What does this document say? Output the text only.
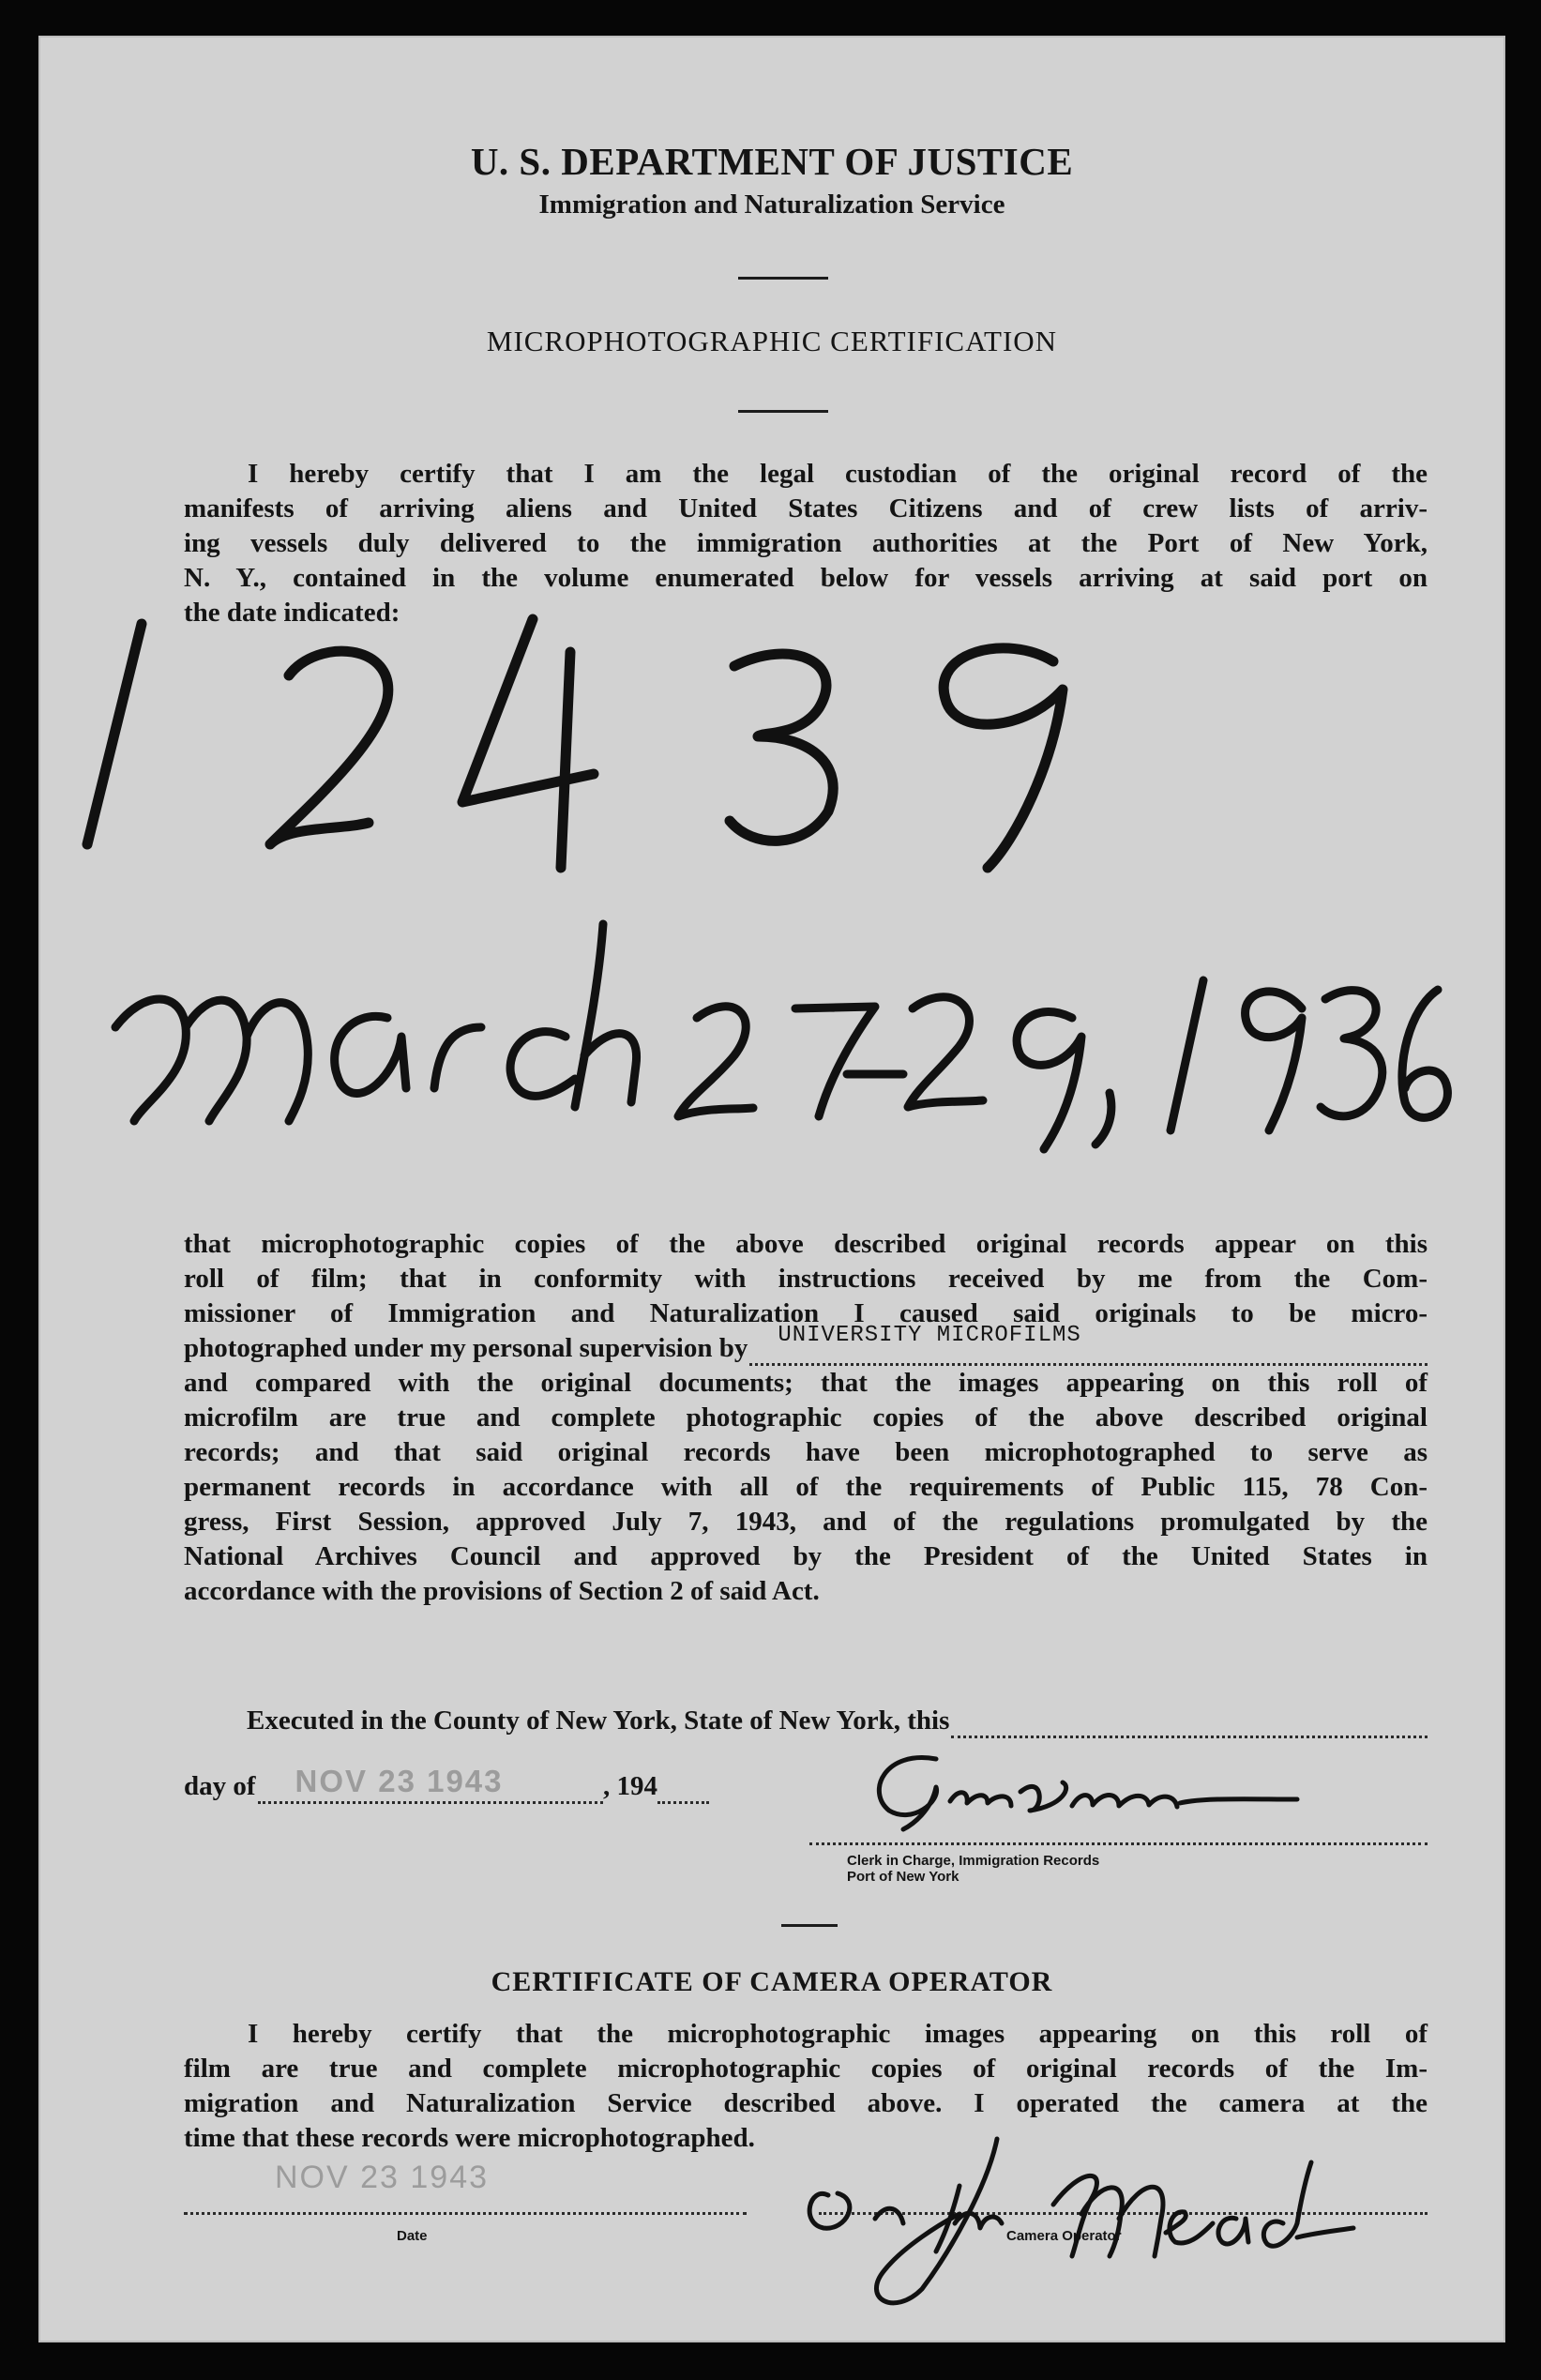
U. S. DEPARTMENT OF JUSTICE
Immigration and Naturalization Service
MICROPHOTOGRAPHIC CERTIFICATION
I hereby certify that I am the legal custodian of the original record of the
manifests of arriving aliens and United States Citizens and of crew lists of arriv-
ing vessels duly delivered to the immigration authorities at the Port of New York,
N. Y., contained in the volume enumerated below for vessels arriving at said port on
the date indicated:
that microphotographic copies of the above described original records appear on this
roll of film; that in conformity with instructions received by me from the Com-
missioner of Immigration and Naturalization I caused said originals to be micro-
photographed under my personal supervision by UNIVERSITY MICROFILMS
and compared with the original documents; that the images appearing on this roll of
microfilm are true and complete photographic copies of the above described original
records; and that said original records have been microphotographed to serve as
permanent records in accordance with all of the requirements of Public 115, 78 Con-
gress, First Session, approved July 7, 1943, and of the regulations promulgated by the
National Archives Council and approved by the President of the United States in
accordance with the provisions of Section 2 of said Act.
Executed in the County of New York, State of New York, this
day of NOV 23 1943	, 194
Clerk in Charge, Immigration Records
Port of New York
CERTIFICATE OF CAMERA OPERATOR
I hereby certify that the microphotographic images appearing on this roll of
film are true and complete microphotographic copies of original records of the Im-
migration and Naturalization Service described above. I operated the camera at the
time that these records were microphotographed.
NOV 23 1943
Date	Camera Operator
